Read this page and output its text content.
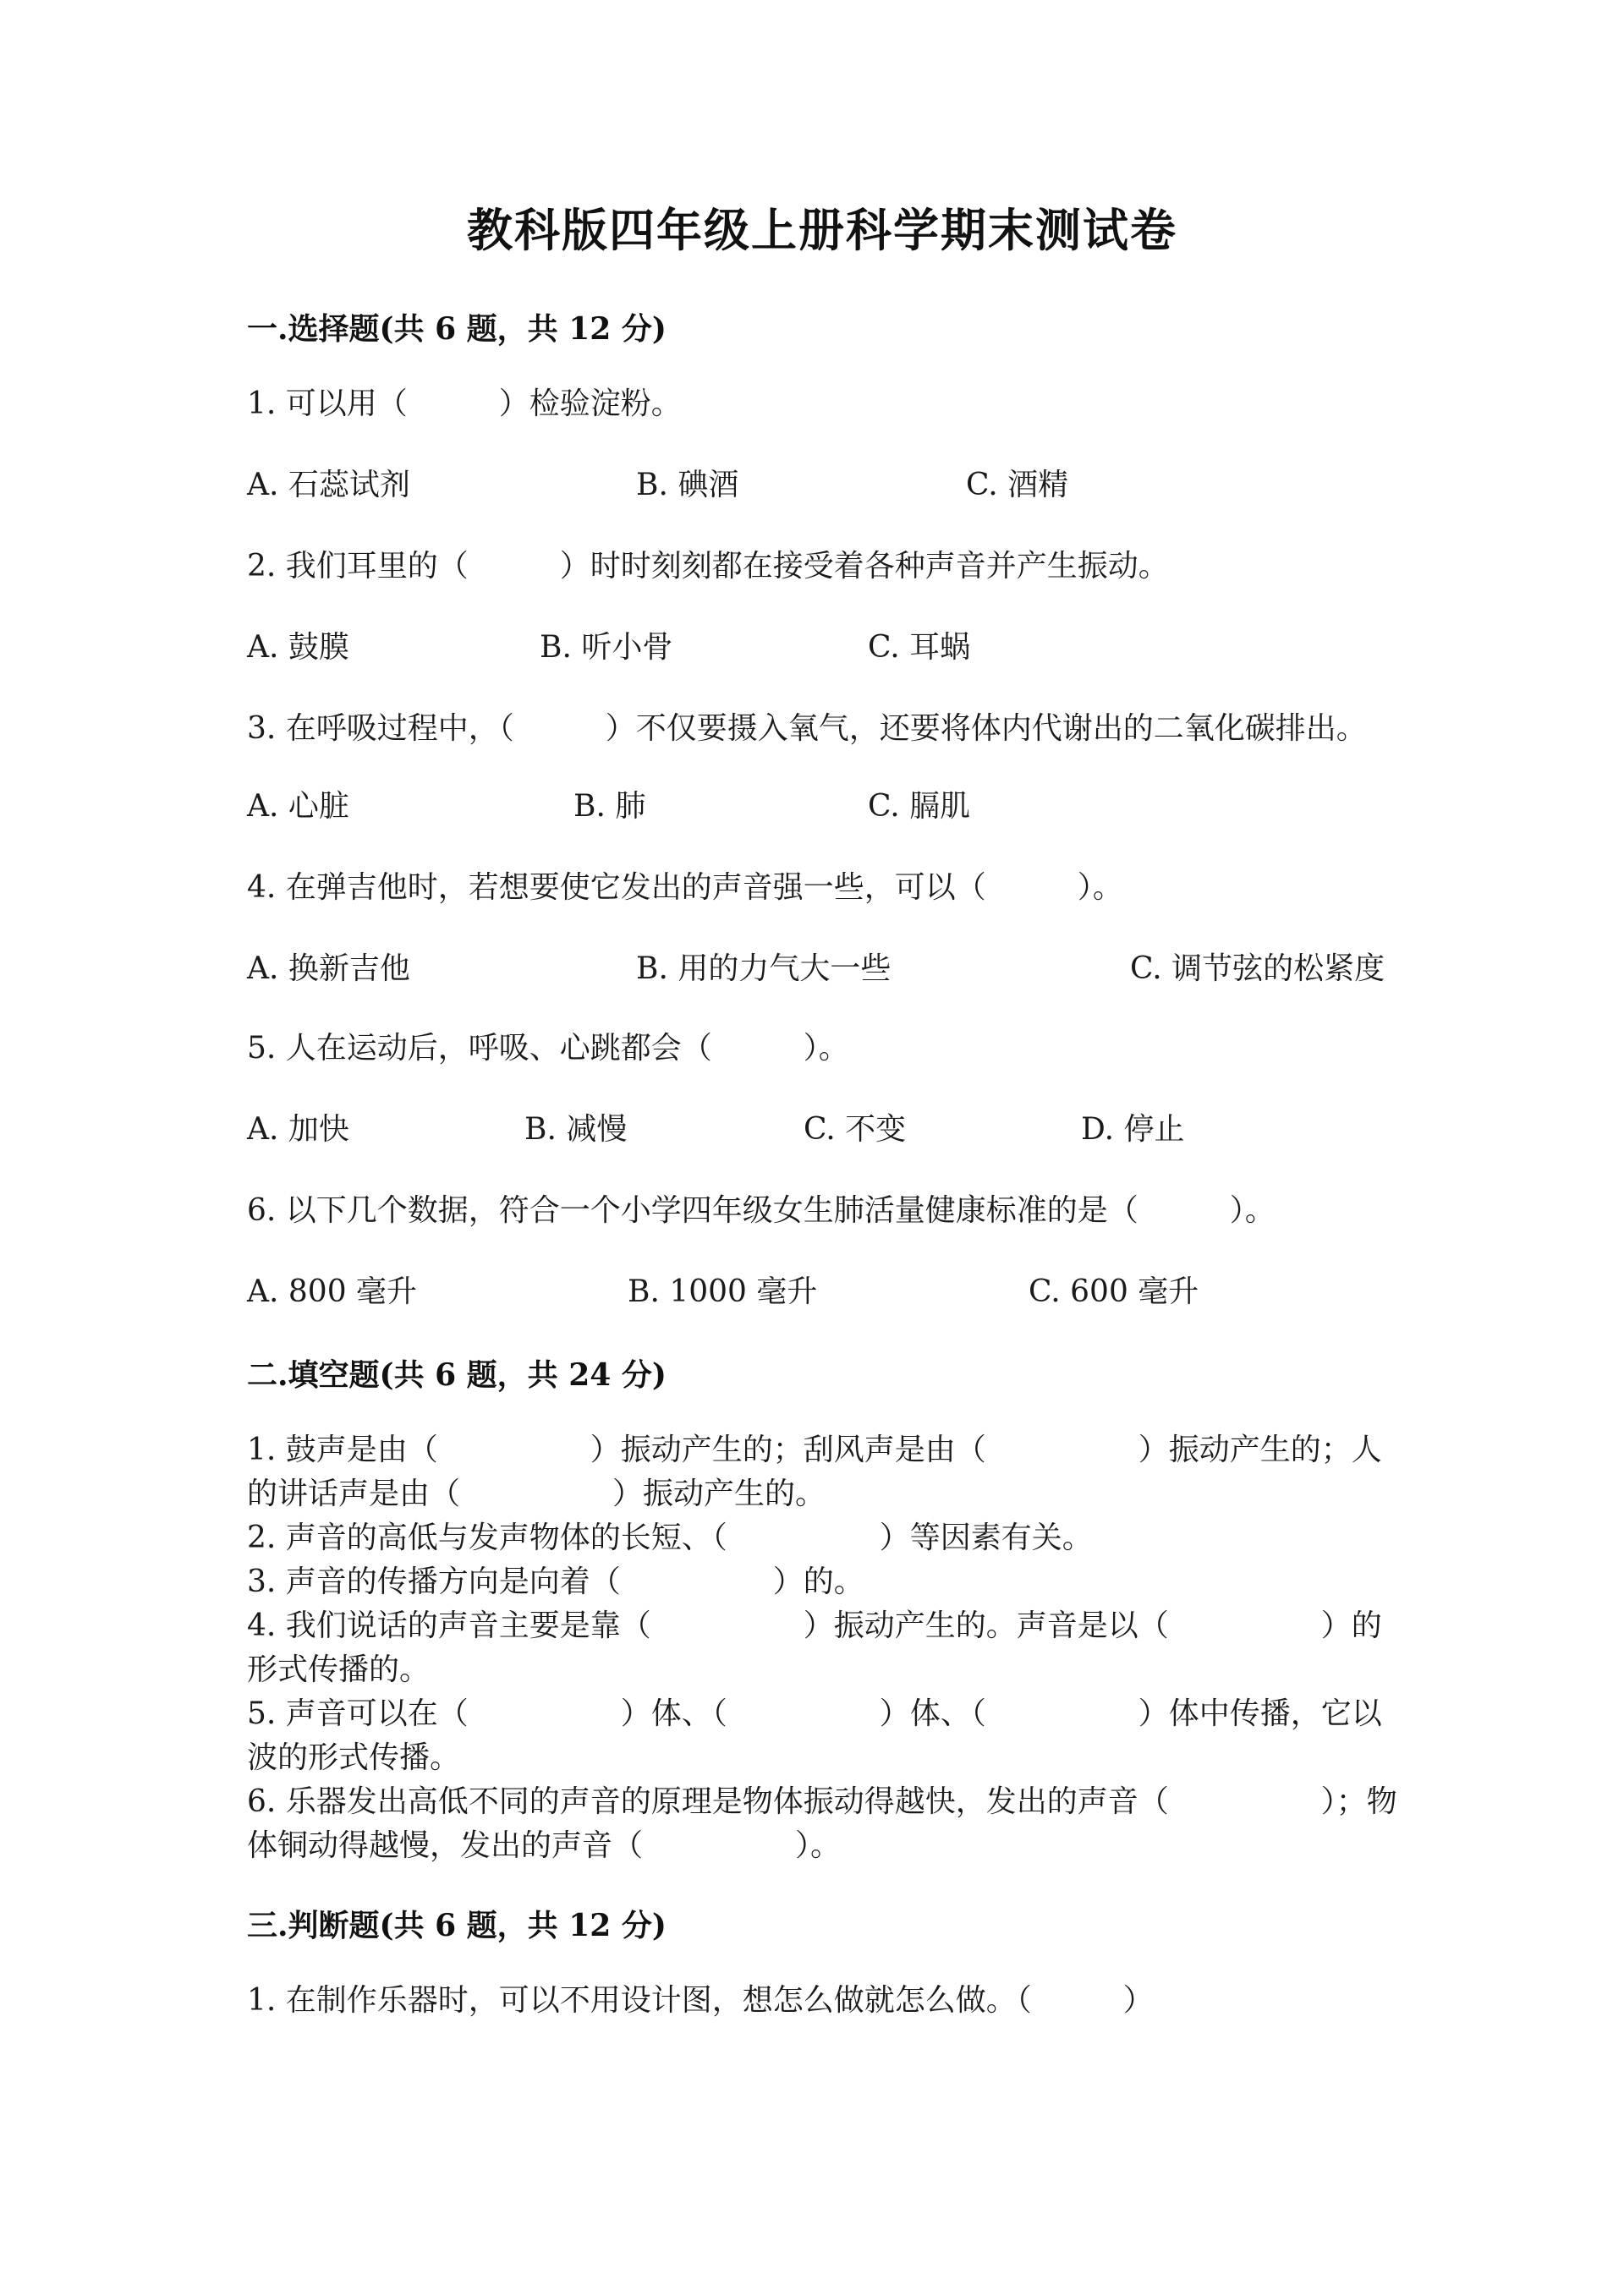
教科版四年级上册科学期末测试卷
一.选择题(共 6 题，共 12 分)
1. 可以用（　　　）检验淀粉。
A. 石蕊试剂	B. 碘酒	C. 酒精
2. 我们耳里的（　　　）时时刻刻都在接受着各种声音并产生振动。
A. 鼓膜	B. 听小骨	C. 耳蜗
3. 在呼吸过程中，（　　　）不仅要摄入氧气，还要将体内代谢出的二氧化碳排出。
A. 心脏	B. 肺	C. 膈肌
4. 在弹吉他时，若想要使它发出的声音强一些，可以（　　　）。
A. 换新吉他	B. 用的力气大一些	C. 调节弦的松紧度
5. 人在运动后，呼吸、心跳都会（　　　）。
A. 加快	B. 减慢	C. 不变	D. 停止
6. 以下几个数据，符合一个小学四年级女生肺活量健康标准的是（　　　）。
A. 800 毫升	B. 1000 毫升	C. 600 毫升
二.填空题(共 6 题，共 24 分)
1. 鼓声是由（　　　　　）振动产生的；刮风声是由（　　　　　）振动产生的；人的讲话声是由（　　　　　）振动产生的。
2. 声音的高低与发声物体的长短、（　　　　　）等因素有关。
3. 声音的传播方向是向着（　　　　　）的。
4. 我们说话的声音主要是靠（　　　　　）振动产生的。声音是以（　　　　　）的形式传播的。
5. 声音可以在（　　　　　）体、（　　　　　）体、（　　　　　）体中传播，它以波的形式传播。
6. 乐器发出高低不同的声音的原理是物体振动得越快，发出的声音（　　　　　）；物体铜动得越慢，发出的声音（　　　　　）。
三.判断题(共 6 题，共 12 分)
1. 在制作乐器时，可以不用设计图，想怎么做就怎么做。（　　　）
